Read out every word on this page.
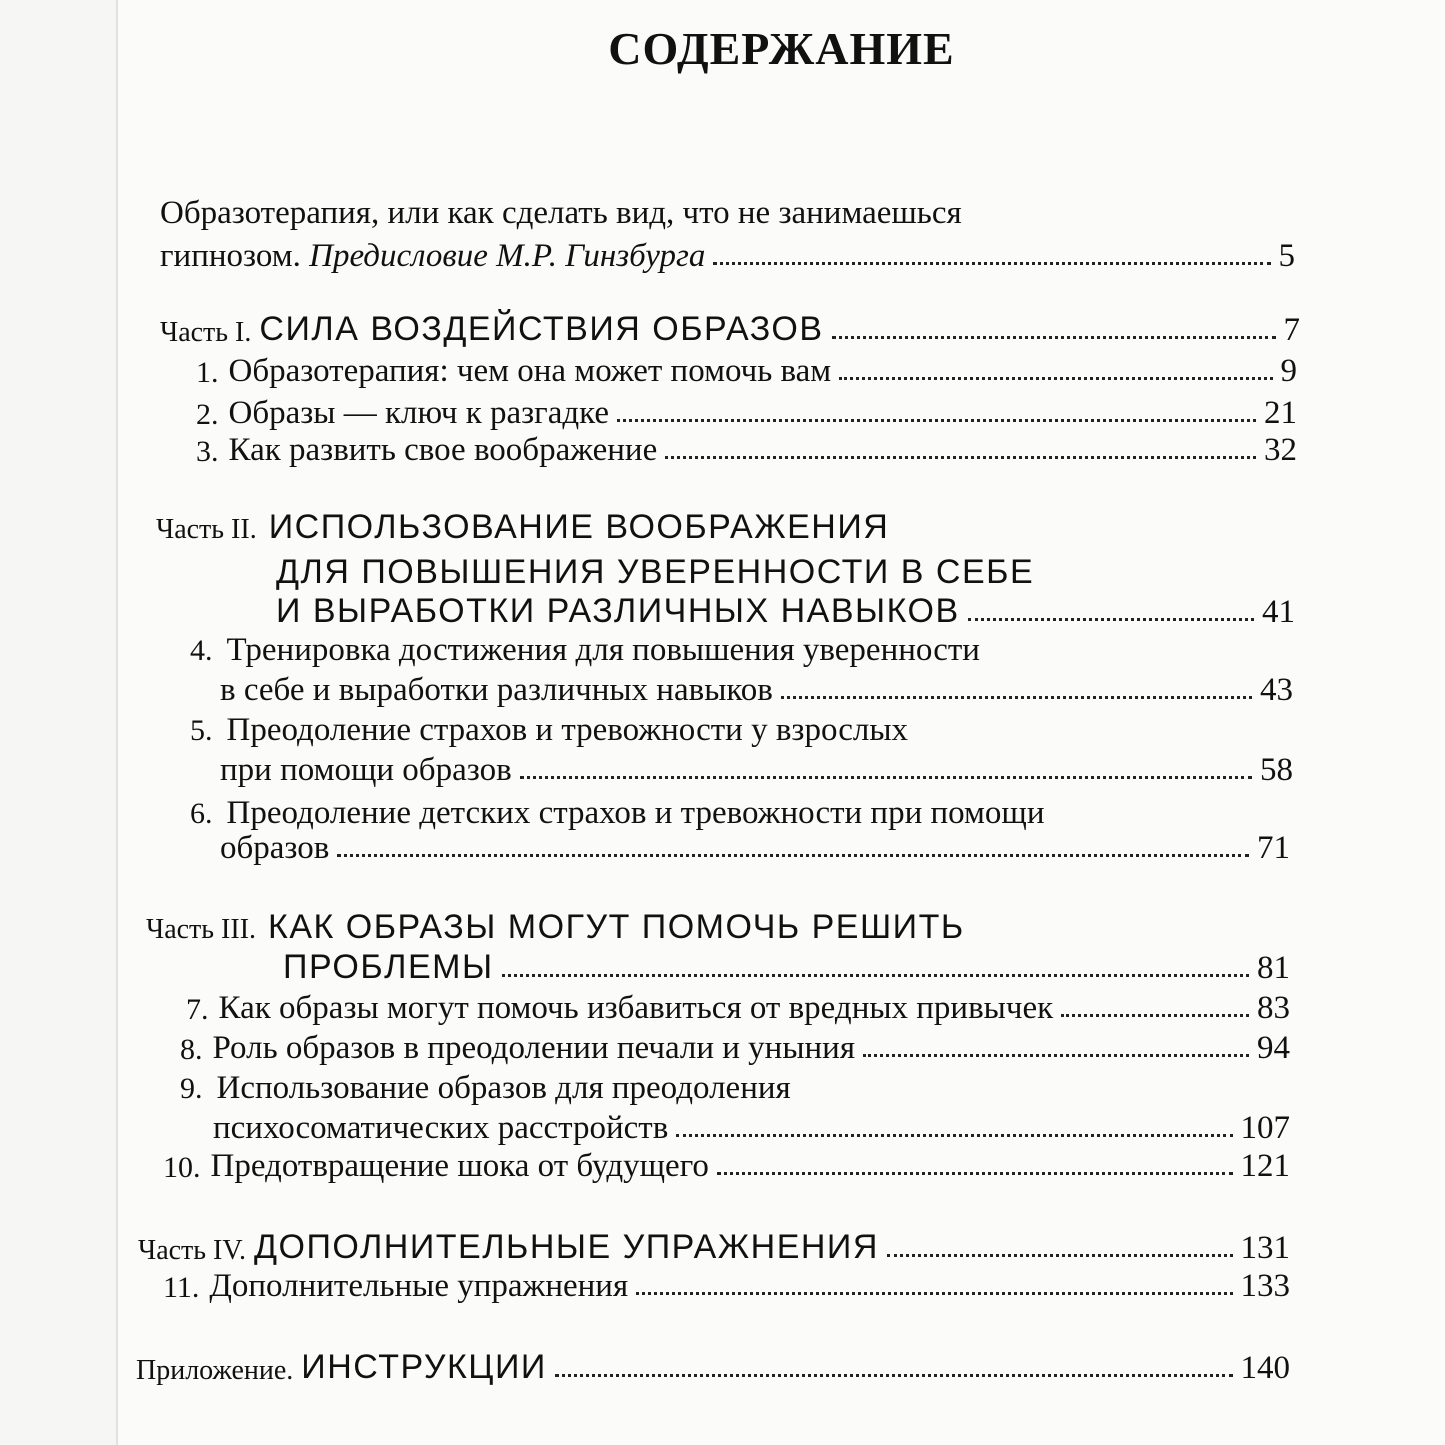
СОДЕРЖАНИЕ
Образотерапия, или как сделать вид, что не занимаешься
гипнозом. Предисловие М.Р. Гинзбурга	5
Часть I. СИЛА ВОЗДЕЙСТВИЯ ОБРАЗОВ	7
1. Образотерапия: чем она может помочь вам	9
2. Образы — ключ к разгадке	21
3. Как развить свое воображение	32
Часть II. ИСПОЛЬЗОВАНИЕ ВООБРАЖЕНИЯ
ДЛЯ ПОВЫШЕНИЯ УВЕРЕННОСТИ В СЕБЕ
И ВЫРАБОТКИ РАЗЛИЧНЫХ НАВЫКОВ	41
4. Тренировка достижения для повышения уверенности
в себе и выработки различных навыков	43
5. Преодоление страхов и тревожности у взрослых
при помощи образов	58
6. Преодоление детских страхов и тревожности при помощи
образов	71
Часть III. КАК ОБРАЗЫ МОГУТ ПОМОЧЬ РЕШИТЬ
ПРОБЛЕМЫ	81
7. Как образы могут помочь избавиться от вредных привычек	83
8. Роль образов в преодолении печали и уныния	94
9. Использование образов для преодоления
психосоматических расстройств	107
10. Предотвращение шока от будущего	121
Часть IV. ДОПОЛНИТЕЛЬНЫЕ УПРАЖНЕНИЯ	131
11. Дополнительные упражнения	133
Приложение. ИНСТРУКЦИИ	140
